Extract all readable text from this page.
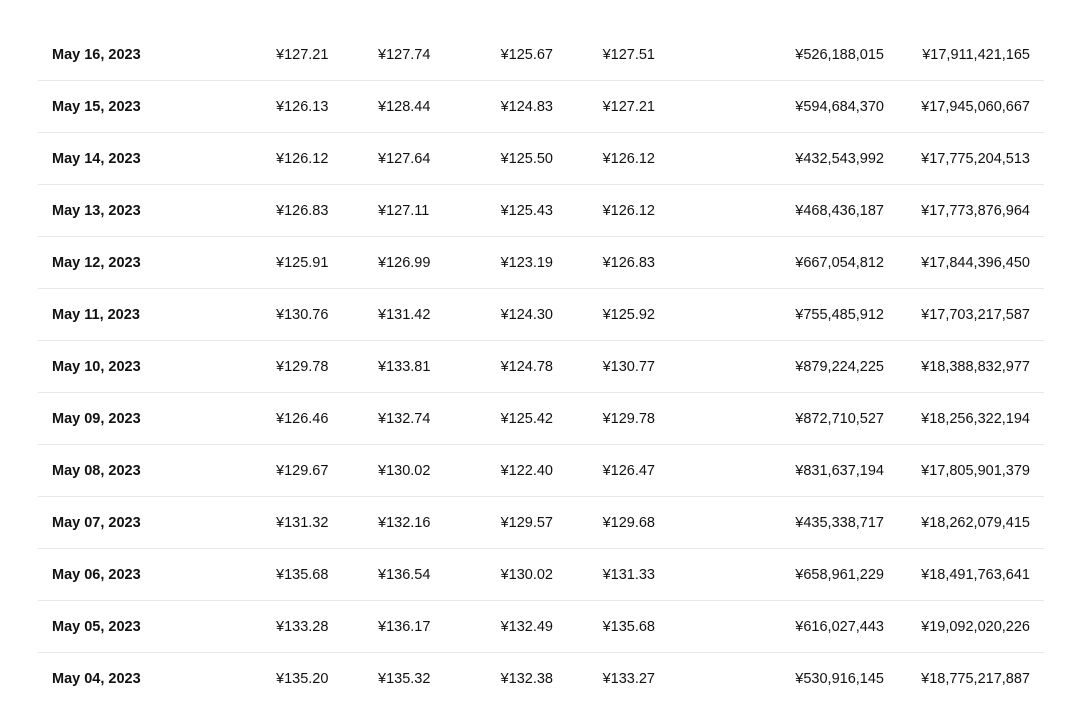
May 16, 2023	¥127.21	¥127.74	¥125.67	¥127.51	¥526,188,015	¥17,911,421,165
May 15, 2023	¥126.13	¥128.44	¥124.83	¥127.21	¥594,684,370	¥17,945,060,667
May 14, 2023	¥126.12	¥127.64	¥125.50	¥126.12	¥432,543,992	¥17,775,204,513
May 13, 2023	¥126.83	¥127.11	¥125.43	¥126.12	¥468,436,187	¥17,773,876,964
May 12, 2023	¥125.91	¥126.99	¥123.19	¥126.83	¥667,054,812	¥17,844,396,450
May 11, 2023	¥130.76	¥131.42	¥124.30	¥125.92	¥755,485,912	¥17,703,217,587
May 10, 2023	¥129.78	¥133.81	¥124.78	¥130.77	¥879,224,225	¥18,388,832,977
May 09, 2023	¥126.46	¥132.74	¥125.42	¥129.78	¥872,710,527	¥18,256,322,194
May 08, 2023	¥129.67	¥130.02	¥122.40	¥126.47	¥831,637,194	¥17,805,901,379
May 07, 2023	¥131.32	¥132.16	¥129.57	¥129.68	¥435,338,717	¥18,262,079,415
May 06, 2023	¥135.68	¥136.54	¥130.02	¥131.33	¥658,961,229	¥18,491,763,641
May 05, 2023	¥133.28	¥136.17	¥132.49	¥135.68	¥616,027,443	¥19,092,020,226
May 04, 2023	¥135.20	¥135.32	¥132.38	¥133.27	¥530,916,145	¥18,775,217,887
